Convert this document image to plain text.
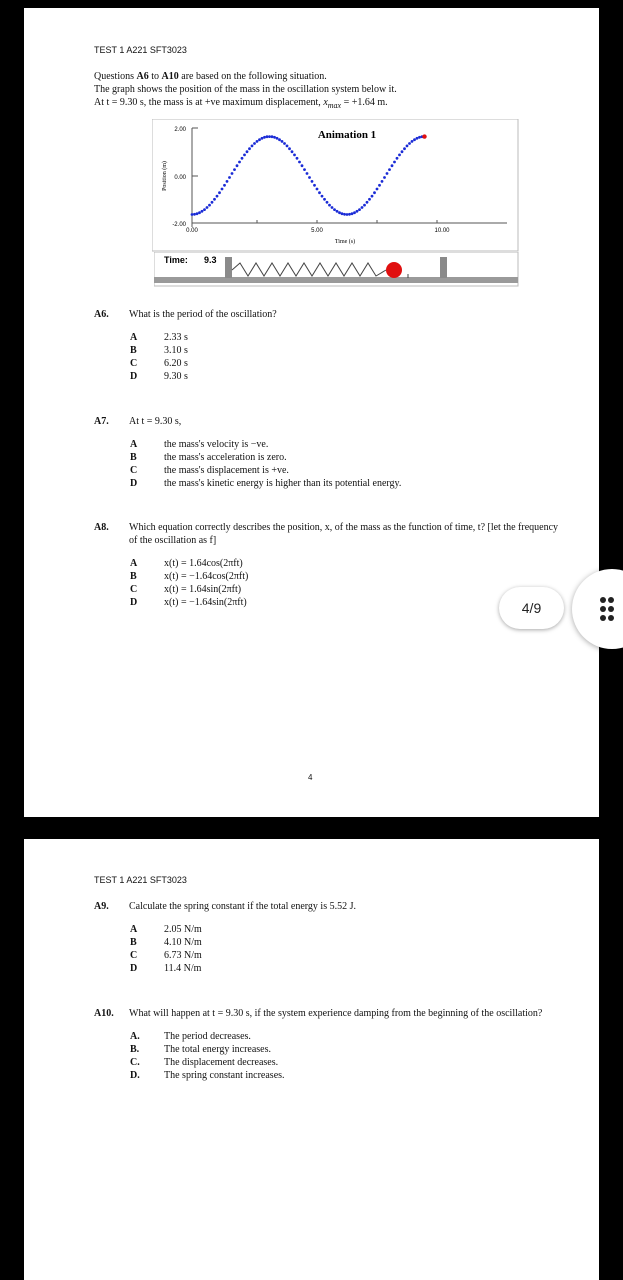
TEST 1 A221 SFT3023
Questions A6 to A10 are based on the following situation.
The graph shows the position of the mass in the oscillation system below it.
At t = 9.30 s, the mass is at +ve maximum displacement, $x_{max} = +1.64$ m.
Animation 1
2.00
0.00
-2.00
0.00	5.00	10.00
Time (s)
Position (m)
Time: 9.3
A6. What is the period of the oscillation?
A	2.33 s
B	3.10 s
C	6.20 s
D	9.30 s
A7. At t = 9.30 s,
A	the mass's velocity is −ve.
B	the mass's acceleration is zero.
C	the mass's displacement is +ve.
D	the mass's kinetic energy is higher than its potential energy.
A8. Which equation correctly describes the position, x, of the mass as the function of time, t? [let the frequency of the oscillation as f]
A	x(t) = 1.64cos(2πft)
B	x(t) = −1.64cos(2πft)
C	x(t) = 1.64sin(2πft)
D	x(t) = −1.64sin(2πft)
4
TEST 1 A221 SFT3023
A9. Calculate the spring constant if the total energy is 5.52 J.
A	2.05 N/m
B	4.10 N/m
C	6.73 N/m
D	11.4 N/m
A10. What will happen at t = 9.30 s, if the system experience damping from the beginning of the oscillation?
A.	The period decreases.
B.	The total energy increases.
C.	The displacement decreases.
D.	The spring constant increases.
4/9
